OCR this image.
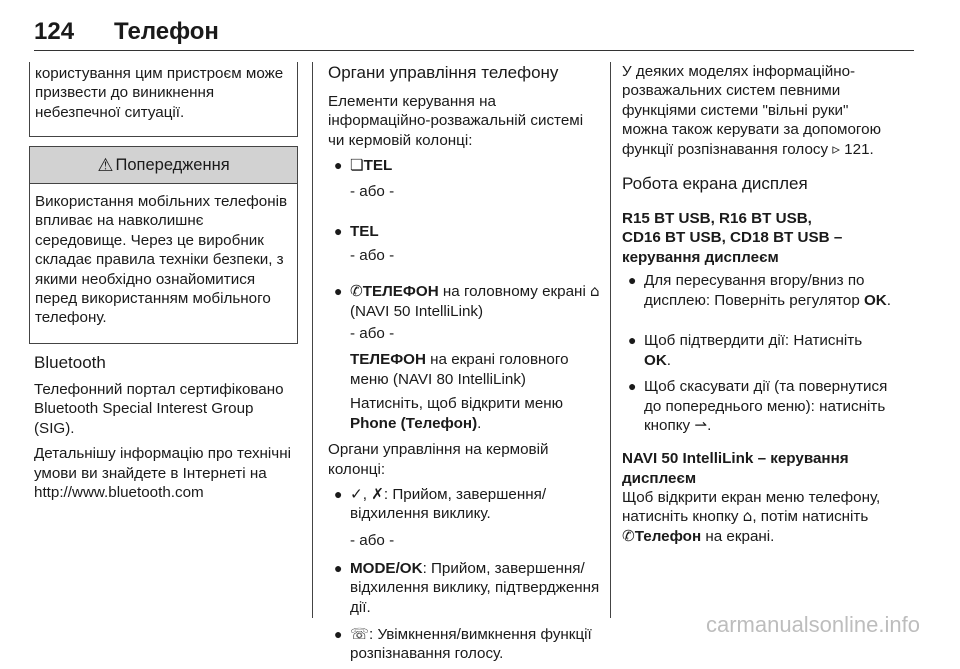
124 Телефон

користування цим пристроєм може призвести до виникнення небезпечної ситуації.

⚠ Попередження

Використання мобільних телефонів впливає на навколишнє середовище. Через це виробник складає правила техніки безпеки, з якими необхідно ознайомитися перед використанням мобільного телефону.

Bluetooth

Телефонний портал сертифіковано Bluetooth Special Interest Group (SIG).

Детальнішу інформацію про технічні умови ви знайдете в Інтернеті на http://www.bluetooth.com

Органи управління телефону

Елементи керування на інформаційно-розважальній системі чи кермовій колонці:

● ❏TEL
- або -
● TEL
- або -
● ✆ТЕЛЕФОН на головному екрані ⌂ (NAVI 50 IntelliLink)
- або -
ТЕЛЕФОН на екрані головного меню (NAVI 80 IntelliLink)
Натисніть, щоб відкрити меню Phone (Телефон).

Органи управління на кермовій колонці:

● ✓, ✗: Прийом, завершення/ відхилення виклику.
- або -
● MODE/OK: Прийом, завершення/відхилення виклику, підтвердження дії.
● ☏: Увімкнення/вимкнення функції розпізнавання голосу.

У деяких моделях інформаційно-розважальних систем певними функціями системи "вільні руки" можна також керувати за допомогою функції розпізнавання голосу ▹ 121.

Робота екрана дисплея
R15 BT USB, R16 BT USB,
CD16 BT USB, CD18 BT USB –
керування дисплеєм
● Для пересування вгору/вниз по дисплею: Поверніть регулятор OK.
● Щоб підтвердити дії: Натисніть OK.
● Щоб скасувати дії (та повернутися до попереднього меню): натисніть кнопку ⇀.
NAVI 50 IntelliLink – керування
дисплеєм

Щоб відкрити екран меню телефону, натисніть кнопку ⌂, потім натисніть ✆Телефон на екрані.

carmanualsonline.info
